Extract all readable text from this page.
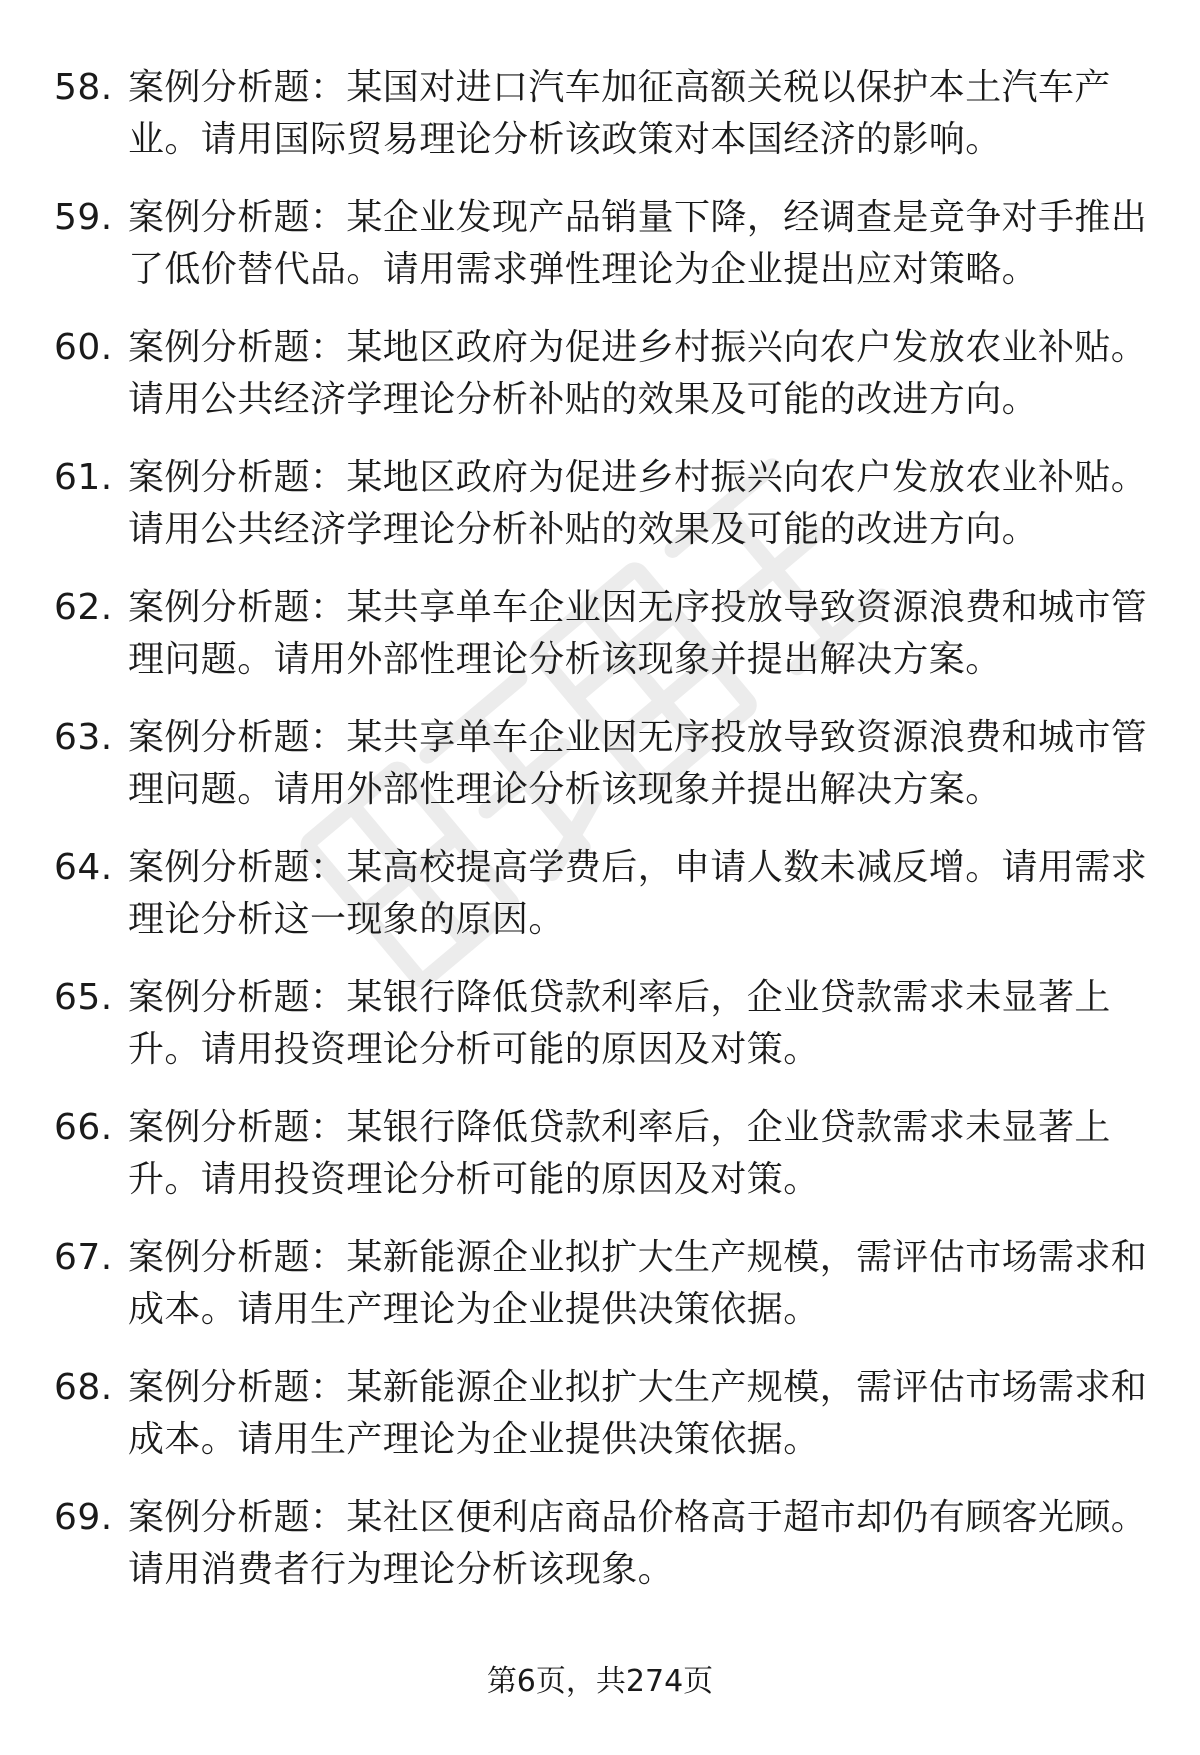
58. 案例分析题：某国对进口汽车加征高额关税以保护本土汽车产业。请用国际贸易理论分析该政策对本国经济的影响。
59. 案例分析题：某企业发现产品销量下降，经调查是竞争对手推出了低价替代品。请用需求弹性理论为企业提出应对策略。
60. 案例分析题：某地区政府为促进乡村振兴向农户发放农业补贴。请用公共经济学理论分析补贴的效果及可能的改进方向。
61. 案例分析题：某地区政府为促进乡村振兴向农户发放农业补贴。请用公共经济学理论分析补贴的效果及可能的改进方向。
62. 案例分析题：某共享单车企业因无序投放导致资源浪费和城市管理问题。请用外部性理论分析该现象并提出解决方案。
63. 案例分析题：某共享单车企业因无序投放导致资源浪费和城市管理问题。请用外部性理论分析该现象并提出解决方案。
64. 案例分析题：某高校提高学费后，申请人数未减反增。请用需求理论分析这一现象的原因。
65. 案例分析题：某银行降低贷款利率后，企业贷款需求未显著上升。请用投资理论分析可能的原因及对策。
66. 案例分析题：某银行降低贷款利率后，企业贷款需求未显著上升。请用投资理论分析可能的原因及对策。
67. 案例分析题：某新能源企业拟扩大生产规模，需评估市场需求和成本。请用生产理论为企业提供决策依据。
68. 案例分析题：某新能源企业拟扩大生产规模，需评估市场需求和成本。请用生产理论为企业提供决策依据。
69. 案例分析题：某社区便利店商品价格高于超市却仍有顾客光顾。请用消费者行为理论分析该现象。
第6页，共274页
